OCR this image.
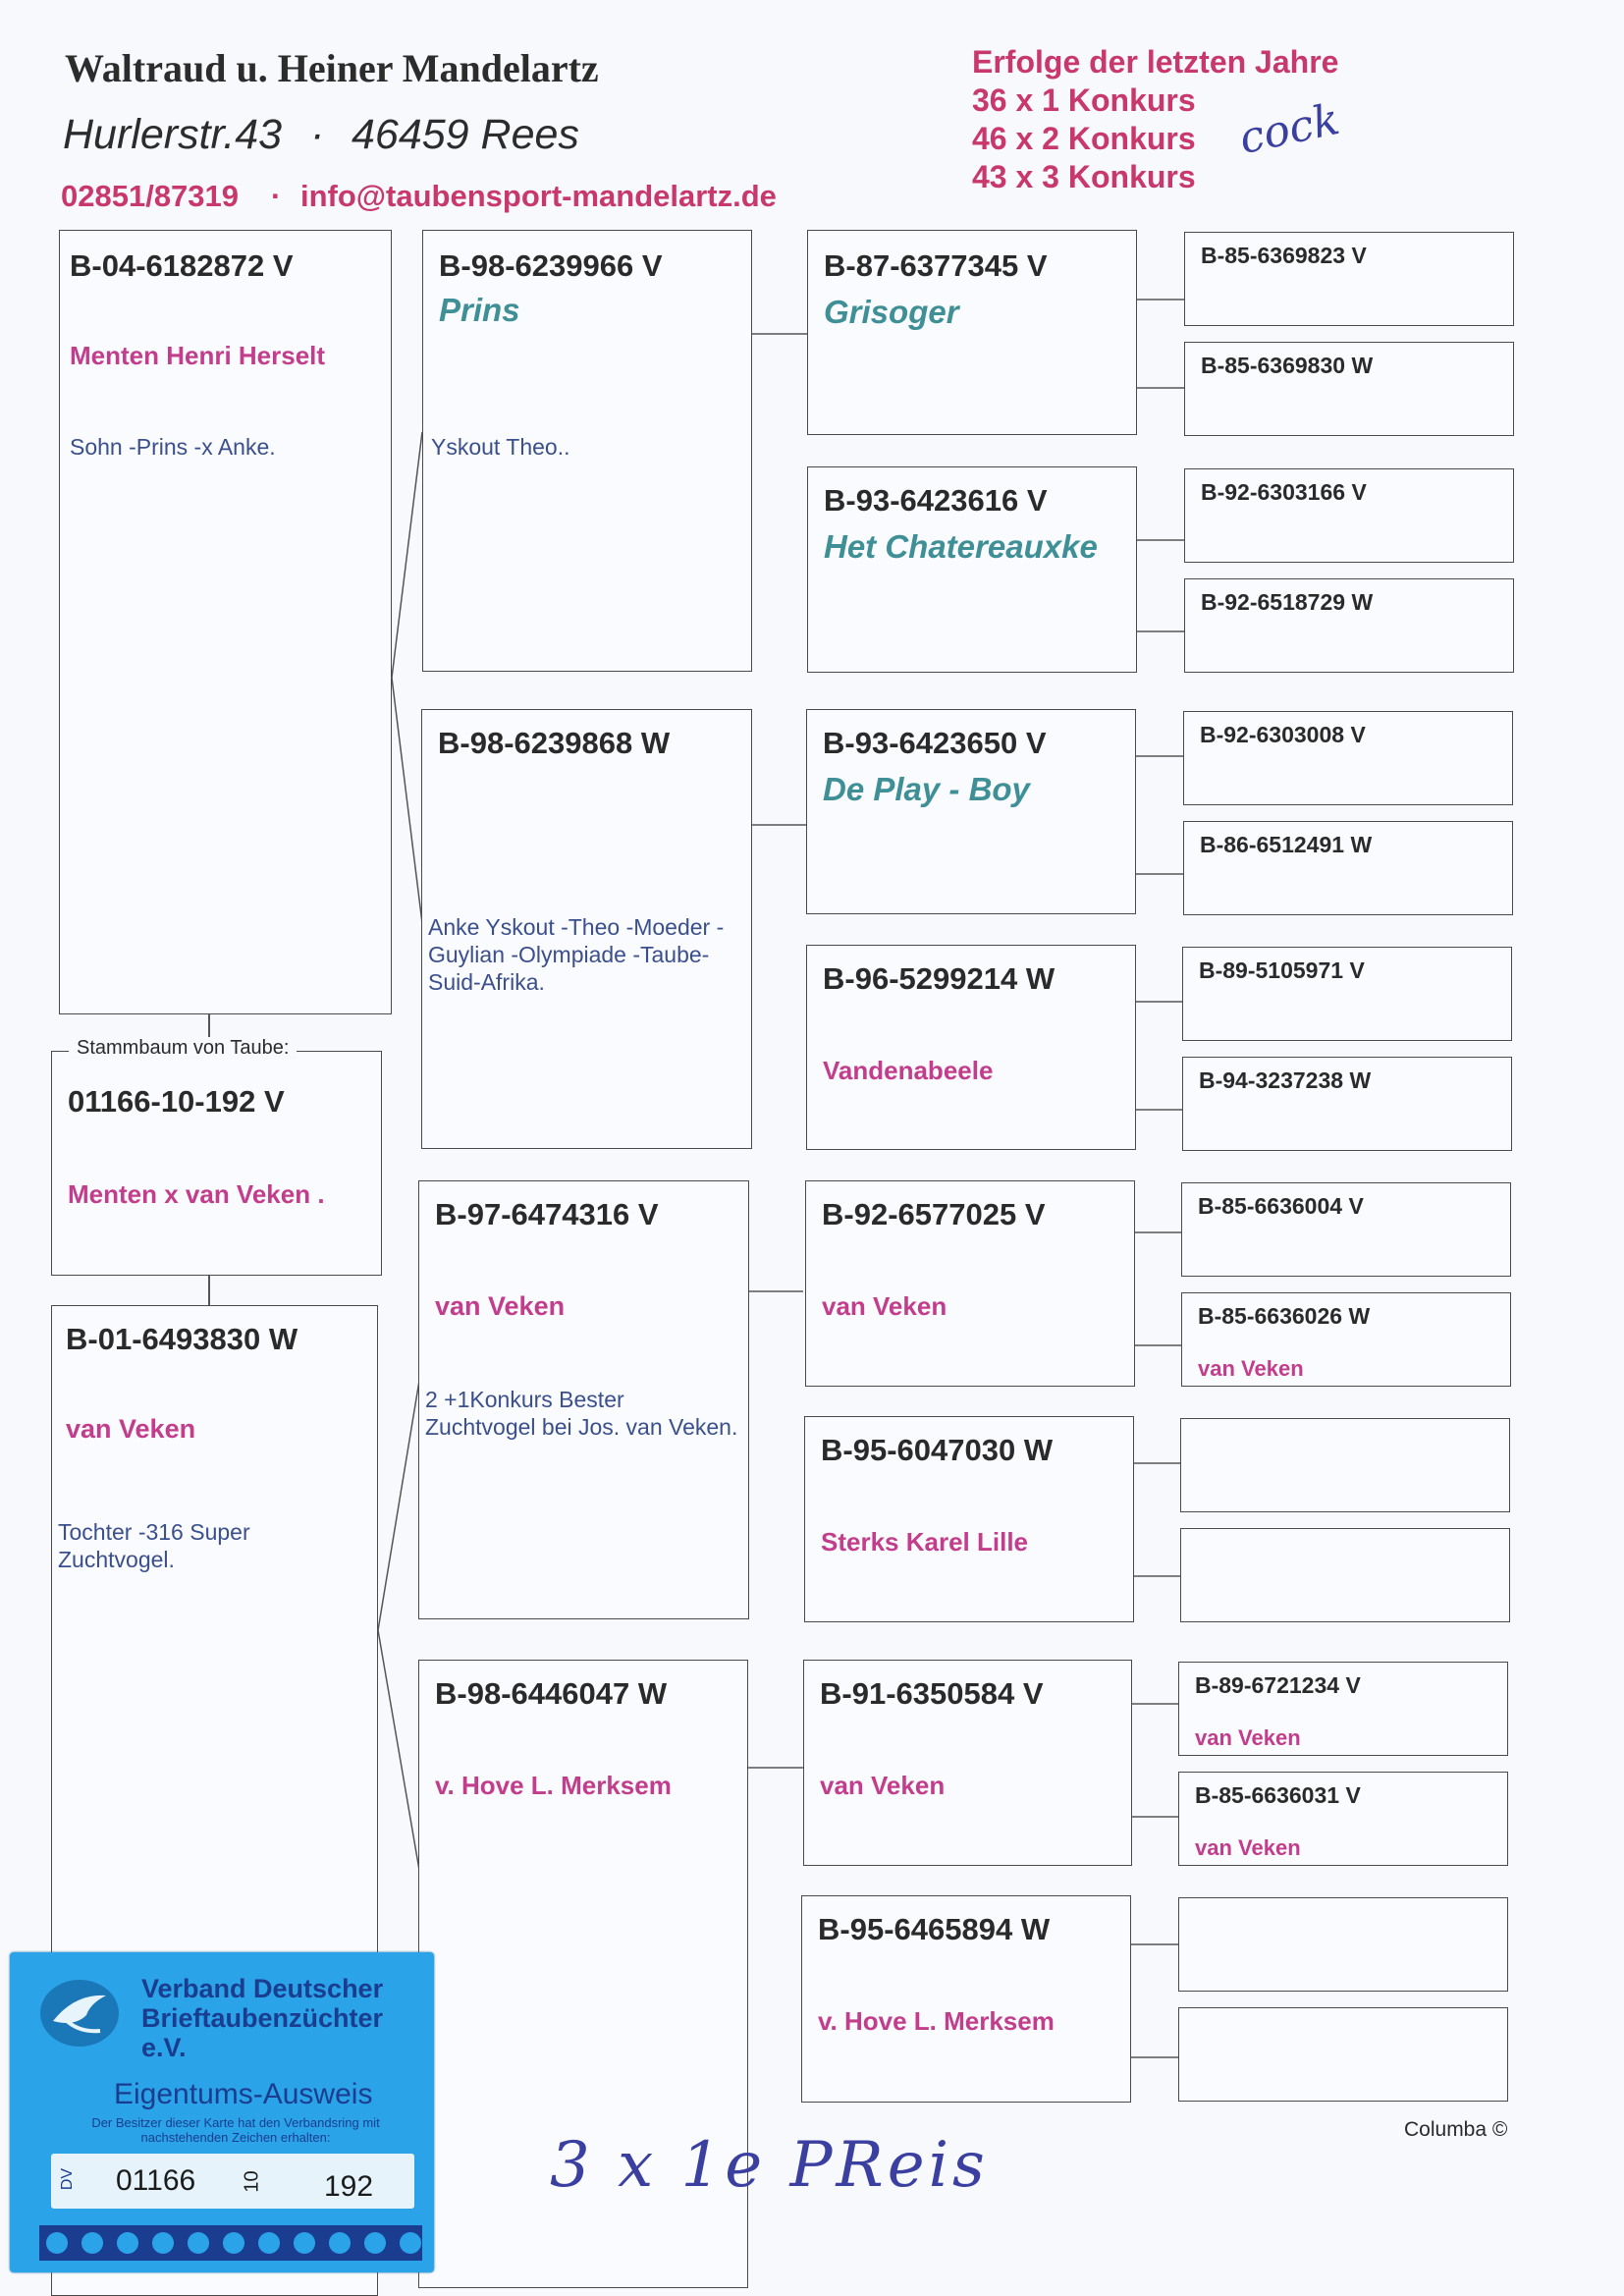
Waltraud u. Heiner Mandelartz
Hurlerstr.43 · 46459 Rees
02851/87319 · info@taubensport-mandelartz.de
Erfolge der letzten Jahre
36 x 1 Konkurs
46 x 2 Konkurs
43 x 3 Konkurs
cock
B-04-6182872 V
Menten Henri Herselt
Sohn -Prins -x Anke.
01166-10-192 V
Menten x van Veken .
Stammbaum von Taube:
B-01-6493830 W
van Veken
Tochter -316 Super Zuchtvogel.
B-98-6239966 V
Prins
Yskout Theo..
B-98-6239868 W
Anke Yskout -Theo -Moeder -Guylian -Olympiade -Taube-Suid-Afrika.
B-97-6474316 V
van Veken
2 +1Konkurs Bester Zuchtvogel bei Jos. van Veken.
B-98-6446047 W
v. Hove L. Merksem
B-87-6377345 V
Grisoger
B-93-6423616 V
Het Chatereauxke
B-93-6423650 V
De Play - Boy
B-96-5299214 W
Vandenabeele
B-92-6577025 V
van Veken
B-95-6047030 W
Sterks Karel Lille
B-91-6350584 V
van Veken
B-95-6465894 W
v. Hove L. Merksem
B-85-6369823 V
B-85-6369830 W
B-92-6303166 V
B-92-6518729 W
B-92-6303008 V
B-86-6512491 W
B-89-5105971 V
B-94-3237238 W
B-85-6636004 V
B-85-6636026 W
van Veken
B-89-6721234 V
van Veken
B-85-6636031 V
van Veken
Columba ©
3 x 1e PReis
Verband Deutscher
Brieftaubenzüchter e.V.
Eigentums-Ausweis
Der Besitzer dieser Karte hat den Verbandsring mit nachstehenden Zeichen erhalten:
DV 01166 10 192
